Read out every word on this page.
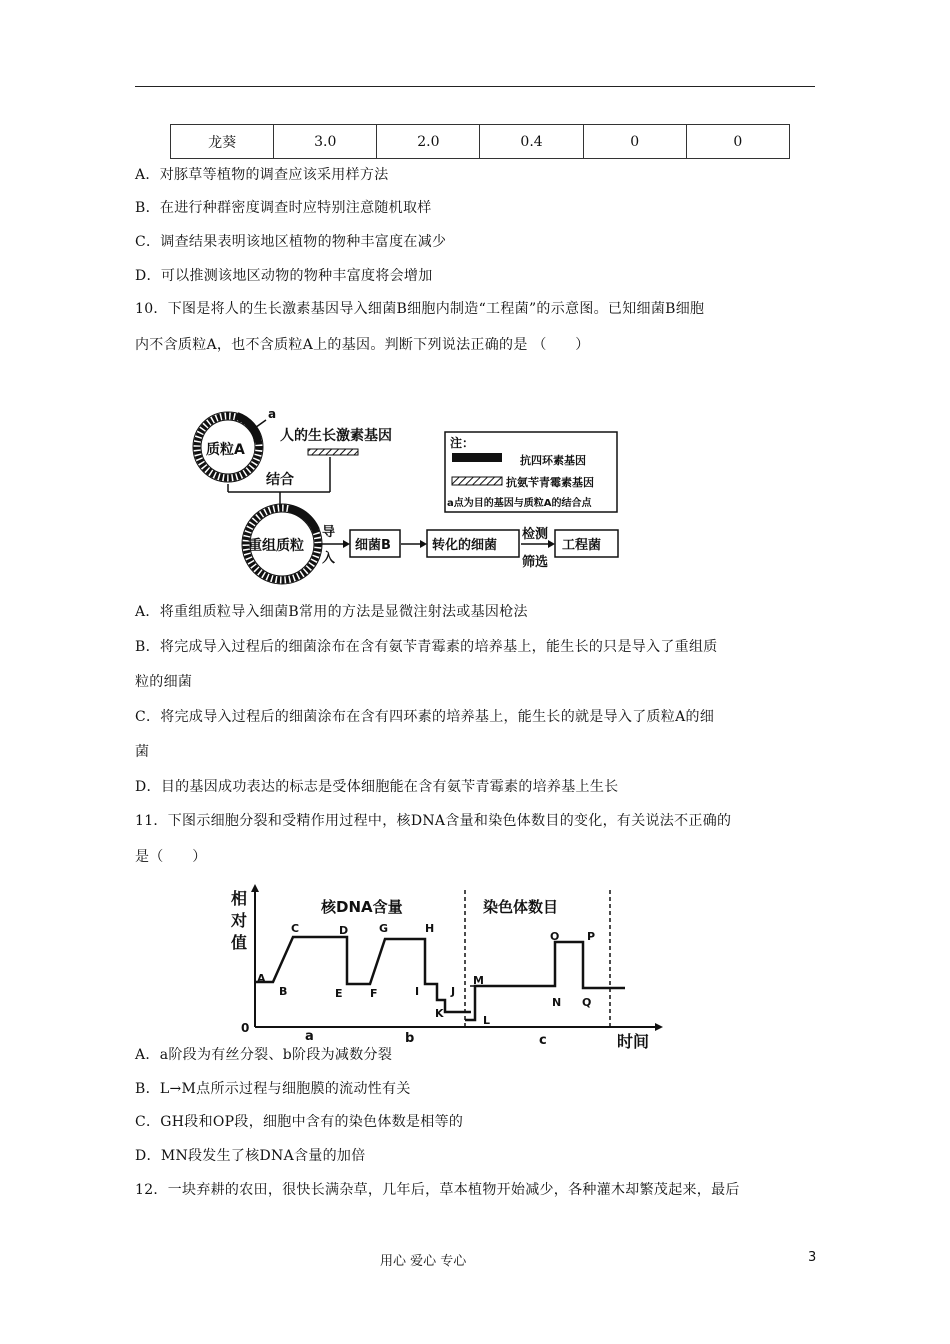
龙葵	3.0	2.0	0.4	0	0
A．对豚草等植物的调查应该采用样方法
B．在进行种群密度调查时应特别注意随机取样
C．调查结果表明该地区植物的物种丰富度在减少
D．可以推测该地区动物的物种丰富度将会增加
10．下图是将人的生长激素基因导入细菌B细胞内制造“工程菌”的示意图。已知细菌B细胞
内不含质粒A，也不含质粒A上的基因。判断下列说法正确的是 （　　）
质粒A
a
人的生长激素基因
结合
重组质粒
导
入
细菌B	转化的细菌
检测
筛选
工程菌
注：
抗四环素基因
抗氨苄青霉素基因
a点为目的基因与质粒A的结合点
A．将重组质粒导入细菌B常用的方法是显微注射法或基因枪法
B．将完成导入过程后的细菌涂布在含有氨苄青霉素的培养基上，能生长的只是导入了重组质
粒的细菌
C．将完成导入过程后的细菌涂布在含有四环素的培养基上，能生长的就是导入了质粒A的细
菌
D．目的基因成功表达的标志是受体细胞能在含有氨苄青霉素的培养基上生长
11．下图示细胞分裂和受精作用过程中，核DNA含量和染色体数目的变化，有关说法不正确的
是（　　）
相
对
值
0
时间
核DNA含量	染色体数目
A
B
C	D
E F
G	H
I	J
K
L
M
N
O	P
Q
a	b	c
A．a阶段为有丝分裂、b阶段为减数分裂
B．L→M点所示过程与细胞膜的流动性有关
C．GH段和OP段，细胞中含有的染色体数是相等的
D．MN段发生了核DNA含量的加倍
12．一块弃耕的农田，很快长满杂草，几年后，草本植物开始减少，各种灌木却繁茂起来，最后
用心 爱心 专心	3
